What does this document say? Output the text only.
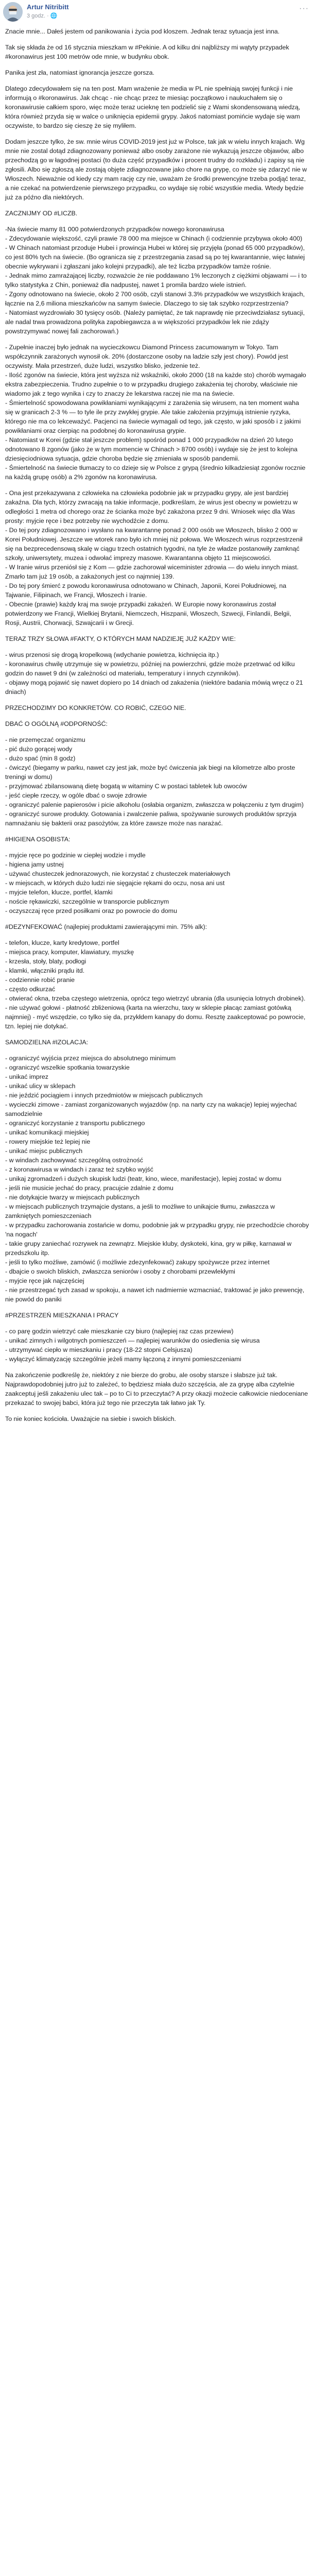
Artur Nitribitt
3 godz. · 🌐
···

Znacie mnie... Dałeś jestem od panikowania i życia pod kloszem. Jednak teraz sytuacja jest inna.

Tak się składa że od 16 stycznia mieszkam w #Pekinie. A od kilku dni najbliższy mi wątyty przypadek #koronawirus jest 100 metrów ode mnie, w budynku obok.

Panika jest zła, natomiast ignorancja jeszcze gorsza.

Dlatego zdecydowałem się na ten post. Mam wrażenie że media w PL nie spełniają swojej funkcji i nie informują o #koronawirus. Jak chcąc - nie chcąc przez te miesiąc początkowo i naukuchałem się o koronawirusie całkiem sporo, więc może teraz ucieknę ten podzielić się z Wami skondensowaną wiedzą, która również przyda się w walce o uniknięcia epidemii grypy. Jakoś natomiast pomińcie wydaje się wam oczywiste, to bardzo się cieszę że się myliłem.

Dodam jeszcze tylko, że sw. mnie wirus COVID-2019 jest już w Polsce, tak jak w wielu innych krajach. Wg mnie nie zostal dotąd zdiagnozowany ponieważ albo osoby zarażone nie wykazują jeszcze objawów, albo przechodzą go w łagodnej postaci (to duża część przypadków i procent trudny do rozkładu) i zapisy są nie zgłosili. Albo się zgłoszą ale zostają objęte zdiagnozowane jako chore na grypę, co może się zdarzyć nie w Włoszech. Nieważnie od kiedy czy mam rację czy nie, uważam że środki prewencyjne trzeba podjąć teraz, a nie czekać na potwierdzenie pierwszego przypadku, co wydaje się robić wszystkie media. Wtedy będzie już za późno dla niektórych.

ZACZNIJMY OD #LICZB.

-Na świecie mamy 81 000 potwierdzonych przypadków nowego koronawirusa
- Zdecydowanie większość, czyli prawie 78 000 ma miejsce w Chinach (i codziennie przybywa około 400)
- W Chinach natomiast przoduje Hubei i prowincja Hubei w której się przyjęła (ponad 65 000 przypadków), co jest 80% tych na świecie. (Bo ogranicza się z przestrzegania zasad są po tej kwarantannie, więc łatwiej obecnie wykrywani i zgłaszani jako kolejni przypadki), ale też liczba przypadków tamże rośnie.
- Jednak mimo zamrażającej liczby, rozważcie że nie poddawano 1% leczonych z ciężkimi objawami — i to tylko statystyka z Chin, ponieważ dla nadpustej, nawet 1 promila bardzo wiele istnień.
- Zgony odnotowano na świecie, około 2 700 osób, czyli stanowi 3.3% przypadków we wszystkich krajach, łącznie na 2,6 miliona mieszkańców na samym świecie. Dlaczego to się tak szybko rozprzestrzenia?
- Natomiast wyzdrowiało 30 tysięcy osób. (Należy pamiętać, że tak naprawdę nie przeciwdziałasz sytuacji, ale nadal trwa prowadzona polityka zapobiegawcza a w większości przypadków lek nie zdąży powstrzymywać nowej fali zachorowań.)

- Zupełnie inaczej było jednak na wycieczkowcu Diamond Princess zacumowanym w Tokyo. Tam współczynnik zarażonych wynosił ok. 20% (dostarczone osoby na ladzie szły jest chory). Powód jest oczywisty. Mała przestrzeń, duże ludzi, wszystko blisko, jedzenie też.
- Ilość zgonów na świecie, która jest wyższa niż wskaźniki, około 2000 (18 na każde sto) chorób wymagało ekstra zabezpieczenia. Trudno zupełnie o to w przypadku drugiego zakażenia tej choroby, właściwie nie wiadomo jak z tego wynika i czy to znaczy że lekarstwa raczej nie ma na świecie.
- Śmiertelność spowodowana powikłaniami wynikającymi z zarażenia się wirusem, na ten moment waha się w granicach 2-3 % — to tyle ile przy zwykłej grypie. Ale takie założenia przyjmują istnienie ryzyka, którego nie ma co lekceważyć. Pacjenci na świecie wymagali od tego, jak często, w jaki sposób i z jakimi powikłaniami oraz cierpiąc na podobnej do koronawirusa grypie.
- Natomiast w Korei (gdzie stał jeszcze problem) spośród ponad 1 000 przypadków na dzień 20 lutego odnotowano 8 zgonów (jako że w tym momencie w Chinach > 8700 osób) i wydaje się że jest to kolejna dziesięciodniowa sytuacja, gdzie choroba będzie się zmieniała w sposób pandemii.
- Śmiertelność na świecie tłumaczy to co dzieje się w Polsce z grypą (średnio kilkadziesiąt zgonów rocznie na każdą grupę osób) a 2% zgonów na koronawirusa.

- Ona jest przekazywana z człowieka na człowieka podobnie jak w przypadku grypy, ale jest bardziej zakaźna. Dla tych, którzy zwracają na takie informacje, podkreślam, że wirus jest obecny w powietrzu w odległości 1 metra od chorego oraz że ścianka może być zakażona przez 9 dni. Wniosek więc dla Was prosty: myjcie ręce i bez potrzeby nie wychodźcie z domu.
- Do tej pory zdiagnozowano i wysłano na kwarantannę ponad 2 000 osób we Włoszech, blisko 2 000 w Korei Południowej. Jeszcze we wtorek rano było ich mniej niż połowa. We Włoszech wirus rozprzestrzenił się na bezprecedensową skalę w ciągu trzech ostatnich tygodni, na tyle że władze postanowiły zamknąć szkoły, uniwersytety, muzea i odwołać imprezy masowe. Kwarantanna objęto 11 miejscowości.
- W Iranie wirus przeniósł się z Kom — gdzie zachorował wiceminister zdrowia — do wielu innych miast. Zmarło tam już 19 osób, a zakażonych jest co najmniej 139.
- Do tej pory śmierć z powodu koronawirusa odnotowano w Chinach, Japonii, Korei Południowej, na Tajwanie, Filipinach, we Francji, Włoszech i Iranie.
- Obecnie (prawie) każdy kraj ma swoje przypadki zakażeń. W Europie nowy koronawirus został potwierdzony we Francji, Wielkiej Brytanii, Niemczech, Hiszpanii, Włoszech, Szwecji, Finlandii, Belgii, Rosji, Austrii, Chorwacji, Szwajcarii i w Grecji.

TERAZ TRZY SŁOWA #FAKTY, O KTÓRYCH MAM NADZIEJĘ JUŻ KAŻDY WIE:

- wirus przenosi się drogą kropelkową (wdychanie powietrza, kichnięcia itp.)
- koronawirus chwilę utrzymuje się w powietrzu, później na powierzchni, gdzie może przetrwać od kilku godzin do nawet 9 dni (w zależności od materiału, temperatury i innych czynników).
- objawy mogą pojawić się nawet dopiero po 14 dniach od zakażenia (niektóre badania mówią wręcz o 21 dniach)

PRZECHODZIMY DO KONKRETÓW. CO ROBIĆ, CZEGO NIE.

DBAĆ O OGÓLNĄ #ODPORNOŚĆ:

- nie przemęczać organizmu
- pić dużo gorącej wody
- dużo spać (min 8 godz)
- ćwiczyć (biegamy w parku, nawet czy jest jak, może być ćwiczenia jak biegi na kilometrze albo proste treningi w domu)
- przyjmować zbilansowaną dietę bogatą w witaminy C w postaci tabletek lub owoców
- jeść ciepłe rzeczy, w ogóle dbać o swoje zdrowie
- ograniczyć palenie papierosów i picie alkoholu (osłabia organizm, zwłaszcza w połączeniu z tym drugim)
- ograniczyć surowe produkty. Gotowania i zwalczenie paliwa, spożywanie surowych produktów sprzyja namnażaniu się bakterii oraz pasożytów, za które zawsze może nas narażać.

#HIGIENA OSOBISTA:

- myjcie ręce po godzinie w ciepłej wodzie i mydle
- higiena jamy ustnej
- używać chusteczek jednorazowych, nie korzystać z chusteczek materiałowych
- w miejscach, w których dużo ludzi nie sięgajcie rękami do oczu, nosa ani ust
- myjcie telefon, klucze, portfel, klamki
- noście rękawiczki, szczególnie w transporcie publicznym
- oczyszczaj ręce przed posiłkami oraz po powrocie do domu

#DEZYNFEKOWAĆ (najlepiej produktami zawierającymi min. 75% alk):

- telefon, klucze, karty kredytowe, portfel
- miejsca pracy, komputer, klawiatury, myszkę
- krzesła, stoły, blaty, podłogi
- klamki, włączniki prądu itd.
- codziennie robić pranie
- często odkurzać
- otwierać okna, trzeba częstego wietrzenia, oprócz tego wietrzyć ubrania (dla usunięcia lotnych drobinek).
- nie używać gołowi - płatność zbliżeniową (karta na wierzchu, taxy w sklepie płacąc zamiast gotówką najmniej) - myć wszędzie, co tylko się da, przykłdem kanapy do domu. Resztę zaakceptować po powrocie, tzn. lepiej nie dotykać.

SAMODZIELNA #IZOLACJA:

- ograniczyć wyjścia przez miejsca do absolutnego minimum
- ograniczyć wszelkie spotkania towarzyskie
- unikać imprez
- unikać ulicy w sklepach
- nie jeździć pociągiem i innych przedmiotów w miejscach publicznych
- wycieczki zimowe - zamiast zorganizowanych wyjazdów (np. na narty czy na wakacje) lepiej wyjechać samodzielnie
- ograniczyć korzystanie z transportu publicznego
- unikać komunikacji miejskiej
- rowery miejskie też lepiej nie
- unikać miejsc publicznych
- w windach zachowywać szczególną ostrożność
- z koronawirusa w windach i zaraz też szybko wyjść
- unikaj zgromadzeń i dużych skupisk ludzi (teatr, kino, wiece, manifestacje), lepiej zostać w domu
- jeśli nie musicie jechać do pracy, pracujcie zdalnie z domu
- nie dotykajcie twarzy w miejscach publicznych
- w miejscach publicznych trzymajcie dystans, a jeśli to możliwe to unikajcie tłumu, zwłaszcza w zamkniętych pomieszczeniach
- w przypadku zachorowania zostańcie w domu, podobnie jak w przypadku grypy, nie przechodźcie choroby 'na nogach'
- takie grupy zaniechać rozrywek na zewnątrz. Miejskie kluby, dyskoteki, kina, gry w piłkę, karnawał w przedszkolu itp.
- jeśli to tylko możliwe, zamówić (i możliwie zdezynfekować) zakupy spożywcze przez internet
- dbajcie o swoich bliskich, zwłaszcza seniorów i osoby z chorobami przewlekłymi
- myjcie ręce jak najczęściej
- nie przestrzegać tych zasad w spokoju, a nawet ich nadmiernie wzmacniać, traktować je jako prewencję, nie powód do paniki

#PRZESTRZEŃ MIESZKANIA I PRACY

- co parę godzin wietrzyć całe mieszkanie czy biuro (najlepiej raz czas przewiew)
- unikać zimnych i wilgotnych pomieszczeń — najlepiej warunków do osiedlenia się wirusa
- utrzymywać ciepło w mieszkaniu i pracy (18-22 stopni Celsjusza)
- wyłączyć klimatyzację szczególnie jeżeli mamy łączoną z innymi pomieszczeniami

Na zakończenie podkreślę że, niektóry z nie bierze do grobu, ale osoby starsze i słabsze już tak. Najprawdopodobniej jutro już to zależeć, to będziesz miała dużo szczęścia, ale za grypę alba czytelnie zaakceptuj jeśli zakażeniu ulec tak – po to Ci to przeczytać? A przy okazji możecie całkowicie niedoceniane przekazać to swojej babci, która już tego nie przeczyta tak łatwo jak Ty.

To nie koniec kościoła. Uważajcie na siebie i swoich bliskich.
